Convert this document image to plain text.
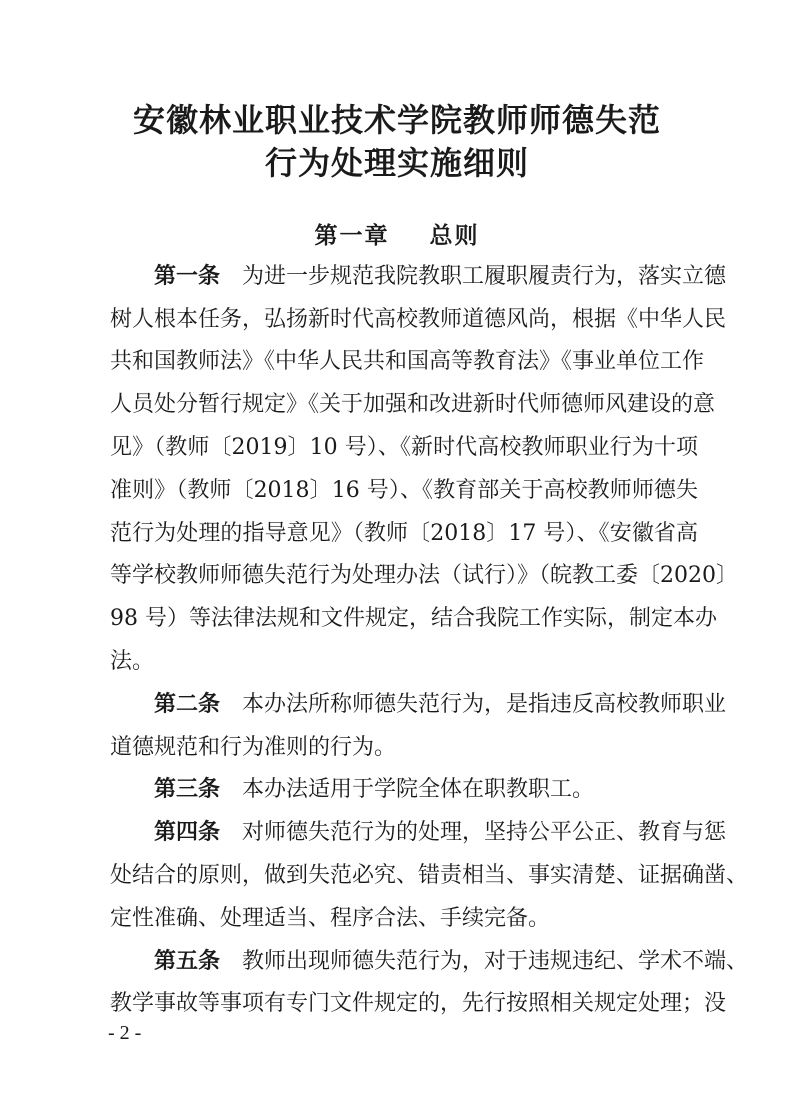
安徽林业职业技术学院教师师德失范
行为处理实施细则
第一章    总则
第一条 为进一步规范我院教职工履职履责行为，落实立德
树人根本任务，弘扬新时代高校教师道德风尚，根据《中华人民
共和国教师法》《中华人民共和国高等教育法》《事业单位工作
人员处分暂行规定》《关于加强和改进新时代师德师风建设的意
见》（教师〔2019〕10 号）、《新时代高校教师职业行为十项
准则》（教师〔2018〕16 号）、《教育部关于高校教师师德失
范行为处理的指导意见》（教师〔2018〕17 号）、《安徽省高
等学校教师师德失范行为处理办法（试行）》（皖教工委〔2020〕
98 号）等法律法规和文件规定，结合我院工作实际，制定本办
法。
第二条 本办法所称师德失范行为，是指违反高校教师职业
道德规范和行为准则的行为。
第三条 本办法适用于学院全体在职教职工。
第四条 对师德失范行为的处理，坚持公平公正、教育与惩
处结合的原则，做到失范必究、错责相当、事实清楚、证据确凿、
定性准确、处理适当、程序合法、手续完备。
第五条 教师出现师德失范行为，对于违规违纪、学术不端、
教学事故等事项有专门文件规定的，先行按照相关规定处理；没
- 2 -
